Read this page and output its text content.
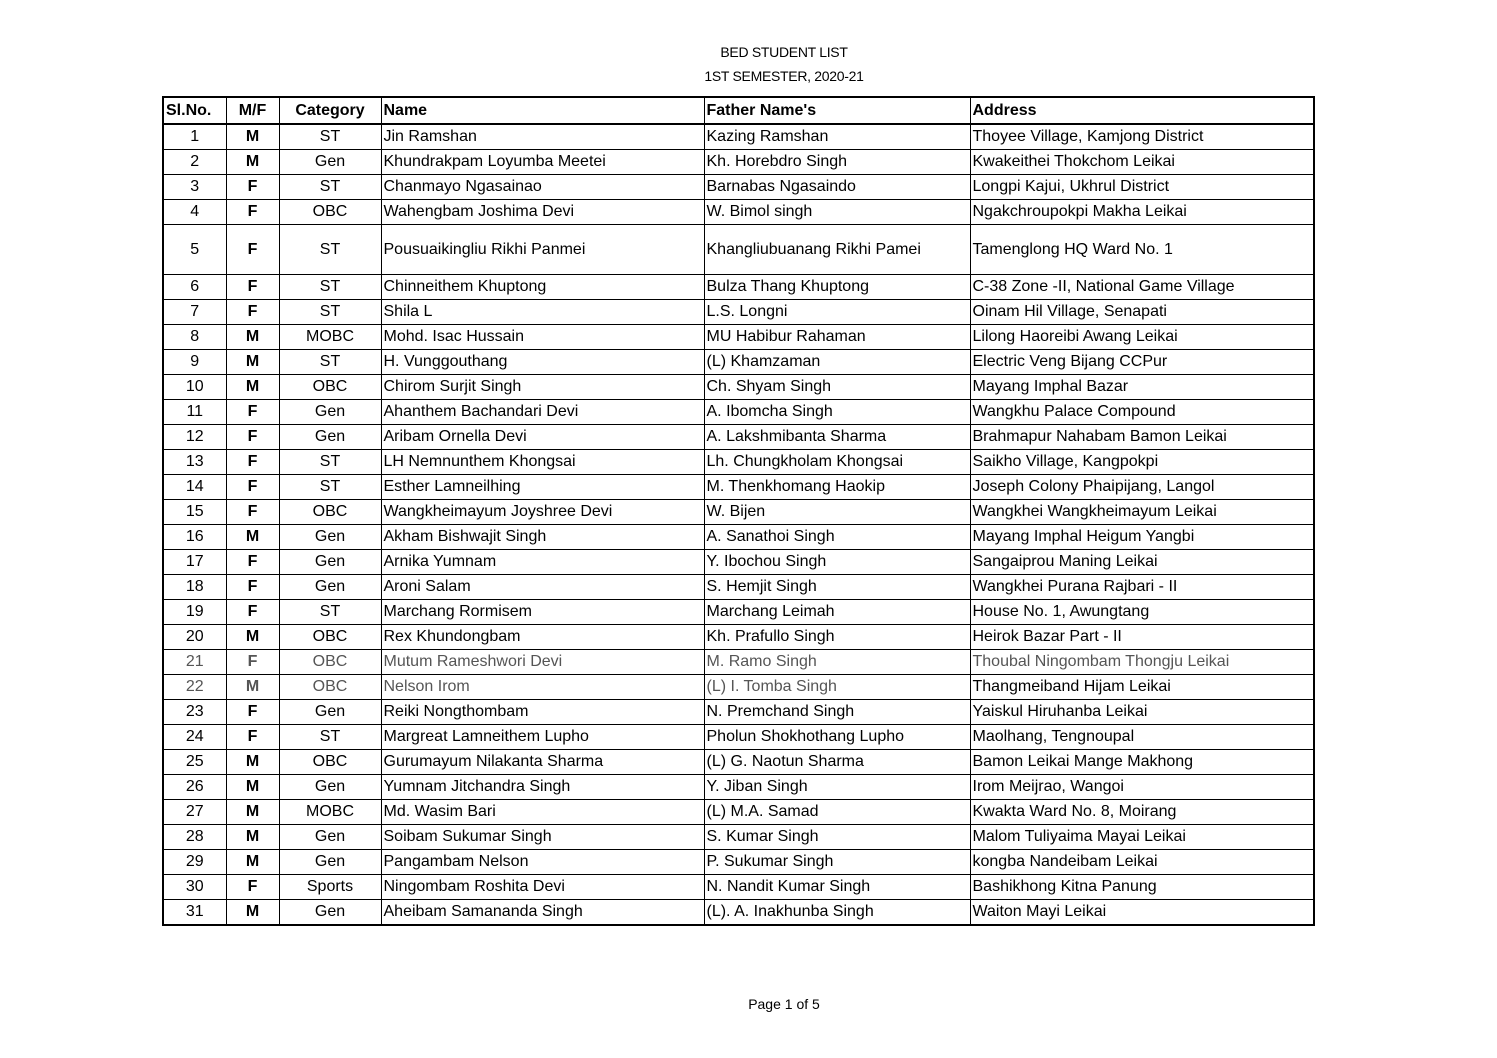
BED STUDENT LIST
1ST SEMESTER, 2020-21
Sl.No.	M/F	Category	Name	Father Name's	Address
1	M	ST	Jin Ramshan	Kazing Ramshan	Thoyee Village, Kamjong District
2	M	Gen	Khundrakpam Loyumba Meetei	Kh. Horebdro Singh	Kwakeithei Thokchom Leikai
3	F	ST	Chanmayo Ngasainao	Barnabas Ngasaindo	Longpi Kajui, Ukhrul District
4	F	OBC	Wahengbam Joshima Devi	W. Bimol singh	Ngakchroupokpi Makha Leikai
5	F	ST	Pousuaikingliu Rikhi Panmei	Khangliubuanang Rikhi Pamei	Tamenglong HQ Ward No. 1
6	F	ST	Chinneithem Khuptong	Bulza Thang Khuptong	C-38 Zone -II, National Game Village
7	F	ST	Shila L	L.S. Longni	Oinam Hil Village, Senapati
8	M	MOBC	Mohd. Isac Hussain	MU Habibur Rahaman	Lilong Haoreibi Awang Leikai
9	M	ST	H. Vunggouthang	(L) Khamzaman	Electric Veng Bijang CCPur
10	M	OBC	Chirom Surjit Singh	Ch. Shyam Singh	Mayang Imphal Bazar
11	F	Gen	Ahanthem Bachandari Devi	A. Ibomcha Singh	Wangkhu Palace Compound
12	F	Gen	Aribam Ornella Devi	A. Lakshmibanta Sharma	Brahmapur Nahabam Bamon Leikai
13	F	ST	LH Nemnunthem Khongsai	Lh. Chungkholam Khongsai	Saikho Village, Kangpokpi
14	F	ST	Esther Lamneilhing	M. Thenkhomang Haokip	Joseph Colony Phaipijang, Langol
15	F	OBC	Wangkheimayum Joyshree Devi	W. Bijen	Wangkhei Wangkheimayum Leikai
16	M	Gen	Akham Bishwajit Singh	A. Sanathoi Singh	Mayang Imphal Heigum Yangbi
17	F	Gen	Arnika Yumnam	Y. Ibochou Singh	Sangaiprou Maning Leikai
18	F	Gen	Aroni Salam	S. Hemjit Singh	Wangkhei Purana Rajbari - II
19	F	ST	Marchang Rormisem	Marchang Leimah	House No. 1, Awungtang
20	M	OBC	Rex Khundongbam	Kh. Prafullo Singh	Heirok Bazar Part - II
21	F	OBC	Mutum Rameshwori Devi	M. Ramo Singh	Thoubal Ningombam Thongju Leikai
22	M	OBC	Nelson Irom	(L) I. Tomba Singh	Thangmeiband Hijam Leikai
23	F	Gen	Reiki Nongthombam	N. Premchand Singh	Yaiskul Hiruhanba Leikai
24	F	ST	Margreat Lamneithem Lupho	Pholun Shokhothang Lupho	Maolhang, Tengnoupal
25	M	OBC	Gurumayum Nilakanta Sharma	(L) G. Naotun Sharma	Bamon Leikai Mange Makhong
26	M	Gen	Yumnam Jitchandra Singh	Y. Jiban Singh	Irom Meijrao, Wangoi
27	M	MOBC	Md. Wasim Bari	(L) M.A. Samad	Kwakta Ward No. 8, Moirang
28	M	Gen	Soibam Sukumar Singh	S. Kumar Singh	Malom Tuliyaima Mayai Leikai
29	M	Gen	Pangambam Nelson	P. Sukumar Singh	kongba Nandeibam Leikai
30	F	Sports	Ningombam Roshita Devi	N. Nandit Kumar Singh	Bashikhong Kitna Panung
31	M	Gen	Aheibam Samananda Singh	(L). A. Inakhunba Singh	Waiton Mayi Leikai
Page 1 of 5
